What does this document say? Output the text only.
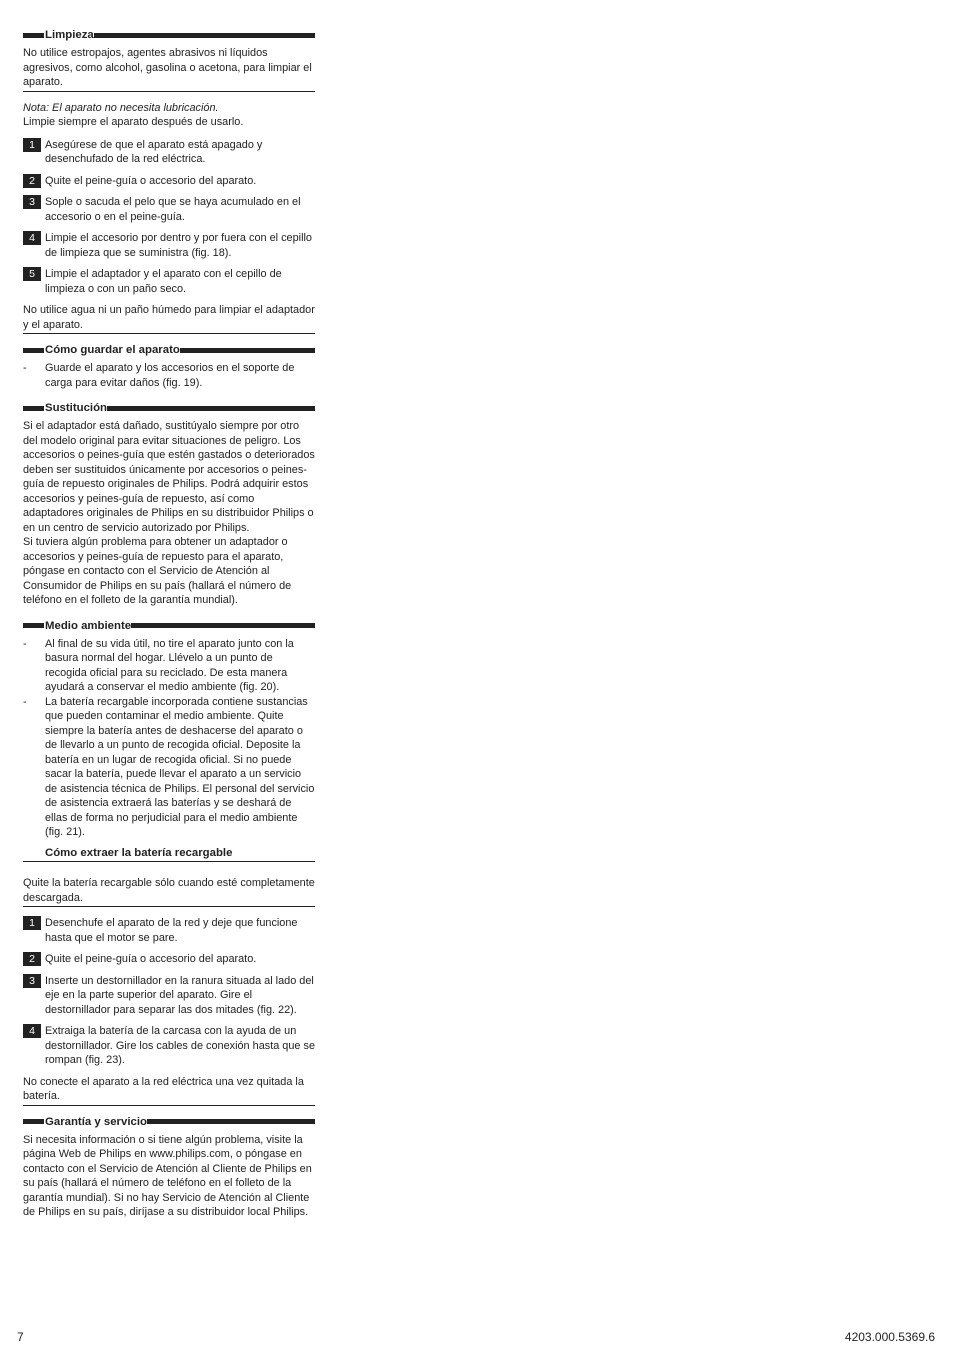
Limpieza
No utilice estropajos, agentes abrasivos ni líquidos agresivos, como alcohol, gasolina o acetona, para limpiar el aparato.

Nota: El aparato no necesita lubricación.

Limpie siempre el aparato después de usarlo.

1 Asegúrese de que el aparato está apagado y desenchufado de la red eléctrica.
2 Quite el peine-guía o accesorio del aparato.
3 Sople o sacuda el pelo que se haya acumulado en el accesorio o en el peine-guía.
4 Limpie el accesorio por dentro y por fuera con el cepillo de limpieza que se suministra (fig. 18).
5 Limpie el adaptador y el aparato con el cepillo de limpieza o con un paño seco.
No utilice agua ni un paño húmedo para limpiar el adaptador y el aparato.
Cómo guardar el aparato
-	Guarde el aparato y los accesorios en el soporte de carga para evitar daños (fig. 19).
Sustitución

Si el adaptador está dañado, sustitúyalo siempre por otro del modelo original para evitar situaciones de peligro. Los accesorios o peines-guía que estén gastados o deteriorados deben ser sustituidos únicamente por accesorios o peines-guía de repuesto originales de Philips. Podrá adquirir estos accesorios y peines-guía de repuesto, así como adaptadores originales de Philips en su distribuidor Philips o en un centro de servicio autorizado por Philips.

Si tuviera algún problema para obtener un adaptador o accesorios y peines-guía de repuesto para el aparato, póngase en contacto con el Servicio de Atención al Consumidor de Philips en su país (hallará el número de teléfono en el folleto de la garantía mundial).

Medio ambiente
-	Al final de su vida útil, no tire el aparato junto con la basura normal del hogar. Llévelo a un punto de recogida oficial para su reciclado. De esta manera ayudará a conservar el medio ambiente (fig. 20).
-	La batería recargable incorporada contiene sustancias que pueden contaminar el medio ambiente. Quite siempre la batería antes de deshacerse del aparato o de llevarlo a un punto de recogida oficial. Deposite la batería en un lugar de recogida oficial. Si no puede sacar la batería, puede llevar el aparato a un servicio de asistencia técnica de Philips. El personal del servicio de asistencia extraerá las baterías y se deshará de ellas de forma no perjudicial para el medio ambiente (fig. 21).
Cómo extraer la batería recargable
Quite la batería recargable sólo cuando esté completamente descargada.
1 Desenchufe el aparato de la red y deje que funcione hasta que el motor se pare.
2 Quite el peine-guía o accesorio del aparato.
3 Inserte un destornillador en la ranura situada al lado del eje en la parte superior del aparato. Gire el destornillador para separar las dos mitades (fig. 22).
4 Extraiga la batería de la carcasa con la ayuda de un destornillador. Gire los cables de conexión hasta que se rompan (fig. 23).
No conecte el aparato a la red eléctrica una vez quitada la batería.
Garantía y servicio

Si necesita información o si tiene algún problema, visite la página Web de Philips en www.philips.com, o póngase en contacto con el Servicio de Atención al Cliente de Philips en su país (hallará el número de teléfono en el folleto de la garantía mundial). Si no hay Servicio de Atención al Cliente de Philips en su país, diríjase a su distribuidor local Philips.

7	4203.000.5369.6
